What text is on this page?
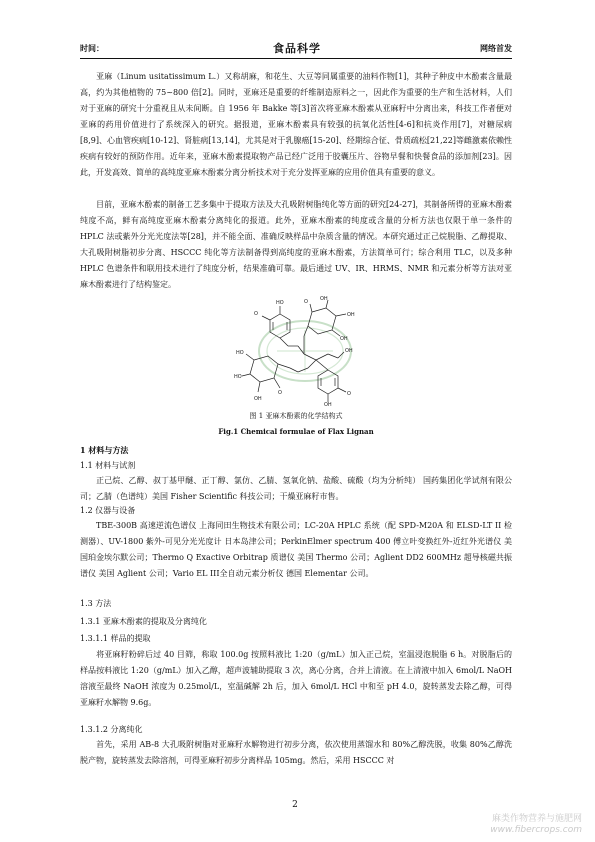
时间：	食品科学	网络首发

亚麻（Linum usitatissimum L.）又称胡麻，和花生、大豆等同属重要的油料作物[1]，其种子种皮中木酚素含量最高，约为其他植物的 75~800 倍[2]。同时，亚麻还是重要的纤维制造原料之一，因此作为重要的生产和生活材料，人们对于亚麻的研究十分重视且从未间断。自 1956 年 Bakke 等[3]首次将亚麻木酚素从亚麻籽中分离出来，科技工作者便对亚麻的药用价值进行了系统深入的研究。据报道，亚麻木酚素具有较强的抗氧化活性[4-6]和抗炎作用[7]，对糖尿病[8,9]、心血管疾病[10-12]、肾脏病[13,14]，尤其是对于乳腺癌[15-20]、经期综合征、骨质疏松[21,22]等雌激素依赖性疾病有较好的预防作用。近年来，亚麻木酚素提取物产品已经广泛用于胶囊压片、谷物早餐和快餐食品的添加剂[23]。因此，开发高效、简单的高纯度亚麻木酚素分离分析技术对于充分发挥亚麻的应用价值具有重要的意义。

目前，亚麻木酚素的制备工艺多集中于提取方法及大孔吸附树脂纯化等方面的研究[24-27]，其制备所得的亚麻木酚素纯度不高，鲜有高纯度亚麻木酚素分离纯化的报道。此外，亚麻木酚素的纯度或含量的分析方法也仅限于单一条件的 HPLC 法或紫外分光光度法等[28]，并不能全面、准确反映样品中杂质含量的情况。本研究通过正己烷脱脂、乙醇提取、大孔吸附树脂初步分离、HSCCC 纯化等方法制备得到高纯度的亚麻木酚素，方法简单可行；综合利用 TLC，以及多种 HPLC 色谱条件和联用技术进行了纯度分析，结果准确可靠。最后通过 UV、IR、HRMS、NMR 和元素分析等方法对亚麻木酚素进行了结构鉴定。

HO
O
OH
OH
OH
O
OH
HO
HO
OH
O
OH
O
图 1 亚麻木酚素的化学结构式
Fig.1 Chemical formulae of Flax Lignan
1 材料与方法
1.1 材料与试剂

正己烷、乙醇、叔丁基甲醚、正丁醇、氯仿、乙腈、氢氧化钠、盐酸、硫酸（均为分析纯） 国药集团化学试剂有限公司；乙腈（色谱纯）美国 Fisher Scientific 科技公司；干燥亚麻籽市售。

1.2 仪器与设备

TBE-300B 高速逆流色谱仪 上海同田生物技术有限公司；LC-20A HPLC 系统（配 SPD-M20A 和 ELSD-LT II 检测器）、UV-1800 紫外-可见分光光度计 日本岛津公司；PerkinElmer spectrum 400 傅立叶变换红外-近红外光谱仪 美国珀金埃尔默公司；Thermo Q Exactive Orbitrap 质谱仪 美国 Thermo 公司；Aglient DD2 600MHz 超导核磁共振谱仪 美国 Aglient 公司；Vario EL III全自动元素分析仪 德国 Elementar 公司。

1.3 方法
1.3.1 亚麻木酚素的提取及分离纯化
1.3.1.1 样品的提取

将亚麻籽粉碎后过 40 目筛，称取 100.0g 按照料液比 1:20（g/mL）加入正己烷，室温浸泡脱脂 6 h。对脱脂后的样品按料液比 1:20（g/mL）加入乙醇，超声波辅助提取 3 次，离心分离，合并上清液。在上清液中加入 6mol/L NaOH 溶液至最终 NaOH 浓度为 0.25mol/L，室温碱解 2h 后，加入 6mol/L HCl 中和至 pH 4.0，旋转蒸发去除乙醇，可得亚麻籽水解物 9.6g。

1.3.1.2 分离纯化

首先，采用 AB-8 大孔吸附树脂对亚麻籽水解物进行初步分离，依次使用蒸馏水和 80%乙醇洗脱，收集 80%乙醇洗脱产物，旋转蒸发去除溶剂，可得亚麻籽初步分离样品 105mg。然后，采用 HSCCC 对

2
麻类作物营养与施肥网
www.fibercrops.com
